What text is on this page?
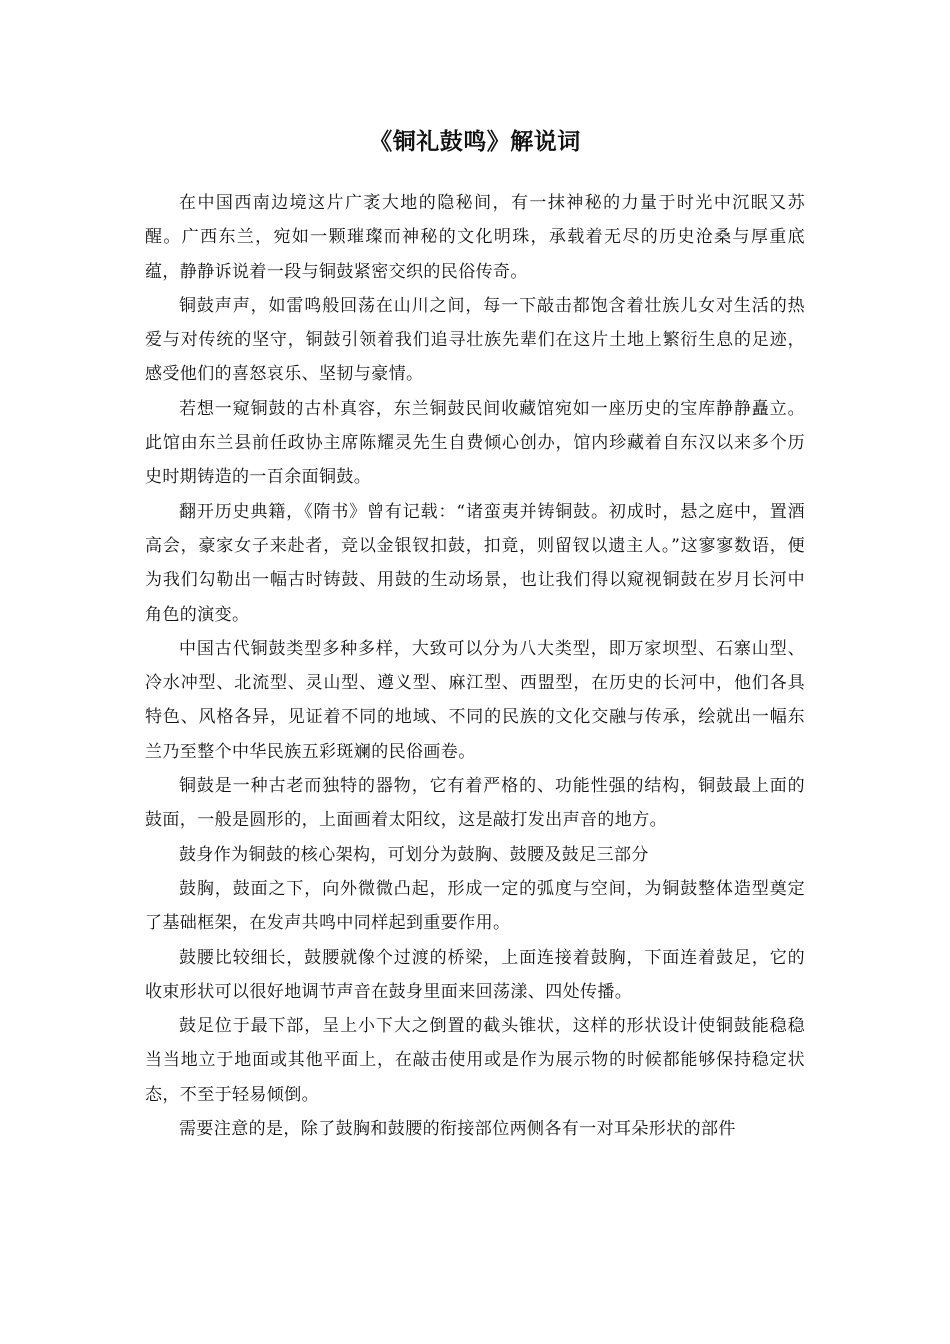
《铜礼鼓鸣》解说词

在中国西南边境这片广袤大地的隐秘间，有一抹神秘的力量于时光中沉眠又苏醒。广西东兰，宛如一颗璀璨而神秘的文化明珠，承载着无尽的历史沧桑与厚重底蕴，静静诉说着一段与铜鼓紧密交织的民俗传奇。

铜鼓声声，如雷鸣般回荡在山川之间，每一下敲击都饱含着壮族儿女对生活的热爱与对传统的坚守，铜鼓引领着我们追寻壮族先辈们在这片土地上繁衍生息的足迹，感受他们的喜怒哀乐、坚韧与豪情。

若想一窥铜鼓的古朴真容，东兰铜鼓民间收藏馆宛如一座历史的宝库静静矗立。此馆由东兰县前任政协主席陈耀灵先生自费倾心创办，馆内珍藏着自东汉以来多个历史时期铸造的一百余面铜鼓。

翻开历史典籍，《隋书》曾有记载：“诸蛮夷并铸铜鼓。初成时，悬之庭中，置酒高会，豪家女子来赴者，竞以金银钗扣鼓，扣竟，则留钗以遗主人。”这寥寥数语，便为我们勾勒出一幅古时铸鼓、用鼓的生动场景，也让我们得以窥视铜鼓在岁月长河中角色的演变。

中国古代铜鼓类型多种多样，大致可以分为八大类型，即万家坝型、石寨山型、冷水冲型、北流型、灵山型、遵义型、麻江型、西盟型，在历史的长河中，他们各具特色、风格各异，见证着不同的地域、不同的民族的文化交融与传承，绘就出一幅东兰乃至整个中华民族五彩斑斓的民俗画卷。

铜鼓是一种古老而独特的器物，它有着严格的、功能性强的结构，铜鼓最上面的鼓面，一般是圆形的，上面画着太阳纹，这是敲打发出声音的地方。

鼓身作为铜鼓的核心架构，可划分为鼓胸、鼓腰及鼓足三部分

鼓胸，鼓面之下，向外微微凸起，形成一定的弧度与空间，为铜鼓整体造型奠定了基础框架，在发声共鸣中同样起到重要作用。

鼓腰比较细长，鼓腰就像个过渡的桥梁，上面连接着鼓胸，下面连着鼓足，它的收束形状可以很好地调节声音在鼓身里面来回荡漾、四处传播。

鼓足位于最下部，呈上小下大之倒置的截头锥状，这样的形状设计使铜鼓能稳稳当当地立于地面或其他平面上，在敲击使用或是作为展示物的时候都能够保持稳定状态，不至于轻易倾倒。

需要注意的是，除了鼓胸和鼓腰的衔接部位两侧各有一对耳朵形状的部件
